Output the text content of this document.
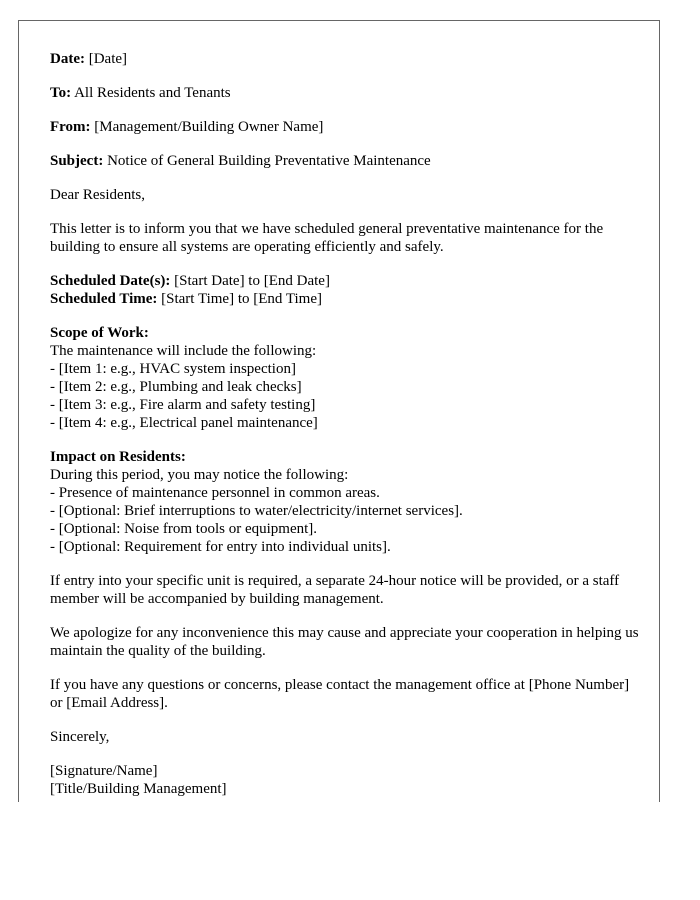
Date: [Date]

To: All Residents and Tenants

From: [Management/Building Owner Name]

Subject: Notice of General Building Preventative Maintenance

Dear Residents,

This letter is to inform you that we have scheduled general preventative maintenance for the building to ensure all systems are operating efficiently and safely.

Scheduled Date(s): [Start Date] to [End Date]
Scheduled Time: [Start Time] to [End Time]

Scope of Work:
The maintenance will include the following:
- [Item 1: e.g., HVAC system inspection]
- [Item 2: e.g., Plumbing and leak checks]
- [Item 3: e.g., Fire alarm and safety testing]
- [Item 4: e.g., Electrical panel maintenance]

Impact on Residents:
During this period, you may notice the following:
- Presence of maintenance personnel in common areas.
- [Optional: Brief interruptions to water/electricity/internet services].
- [Optional: Noise from tools or equipment].
- [Optional: Requirement for entry into individual units].

If entry into your specific unit is required, a separate 24-hour notice will be provided, or a staff member will be accompanied by building management.

We apologize for any inconvenience this may cause and appreciate your cooperation in helping us maintain the quality of the building.

If you have any questions or concerns, please contact the management office at [Phone Number] or [Email Address].

Sincerely,

[Signature/Name]
[Title/Building Management]
